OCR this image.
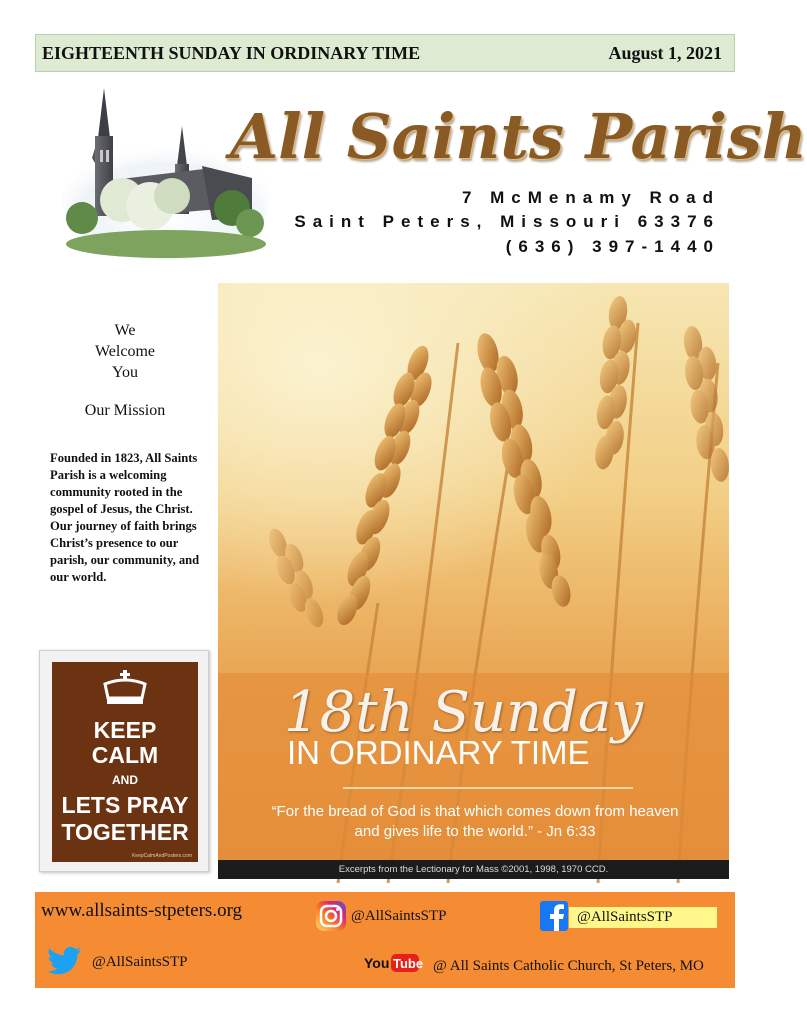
EIGHTEENTH SUNDAY IN ORDINARY TIME	August 1, 2021
All Saints Parish
7 McMenamy Road
Saint Peters, Missouri 63376
(636) 397-1440
We
Welcome
You
Our Mission
Founded in 1823, All Saints Parish is a welcoming community rooted in the gospel of Jesus, the Christ. Our journey of faith brings Christ’s presence to our parish, our community, and our world.
KEEP
CALM
AND
LETS PRAY
TOGETHER
KeepCalmAndPosters.com
18th Sunday
IN ORDINARY TIME
“For the bread of God is that which comes down from heaven
and gives life to the world.” - Jn 6:33
Excerpts from the Lectionary for Mass ©2001, 1998, 1970 CCD.
www.allsaints-stpeters.org	@AllSaintsSTP	@AllSaintsSTP
@AllSaintsSTP	You Tube @ All Saints Catholic Church, St Peters, MO
